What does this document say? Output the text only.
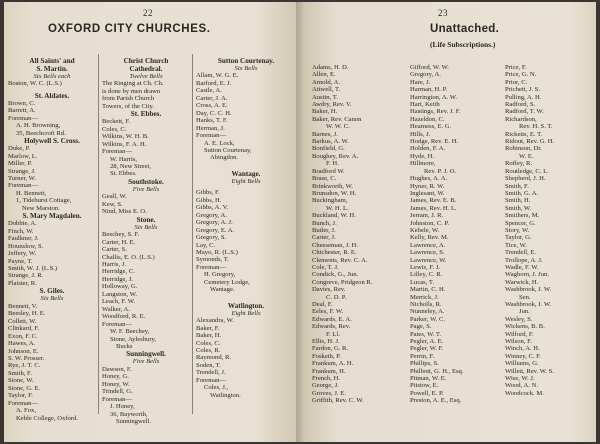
22
OXFORD CITY CHURCHES.
All Saints' and
S. Martin.
Six Bells each
Boston, W. C. (L.S.)
St. Aldates.
Brown, C.
Barrett, A.
Foreman—
A. H. Browning,
35, Beechcroft Rd.
Holywell S. Cross.
Duke, P.
Marlow, L.
Miller, P.
Strange, J.
Turner, W.
Foreman—
H. Bennett,
1, Tidehurst Cottage,
New Marston.
S. Mary Magdalen.
Dobbie, A.
Finch, W.
Faulkner, J.
Hounslow, S.
Jeffery, W.
Payne, T.
Smith, W. J. (L.S.)
Strange, J. R.
Plaister, R.
S. Giles.
Six Bells
Bennett, V.
Beesley, H. E.
Collett, W.
Clinkard, F.
Exon, F. C.
Hawes, A.
Johnson, E.
S. W. Prosser.
Rye, J. T. C.
Smith, F.
Stone, W.
Stone, G. E.
Taylor, F.
Foreman—
A. Fox,
Keble College, Oxford.
Christ Church
Cathedral.
Twelve Bells
The Ringing at Ch. Ch.
is done by men drawn
from Parish Church
Towers, of the City.
St. Ebbes.
Beckett, F.
Coles, C.
Wilkins, W. H. B.
Wilkins, F. A. H.
Foreman—
W. Harris,
28, New Street,
St. Ebbes.
Southstoke.
Five Bells
Geall, W.
Kew, S.
Nind, Miss E. O.
Stone.
Six Bells
Beechey, S. F.
Carter, H. E.
Carter, S.
Challis, E. O. (L.S.)
Harris, J.
Herridge, C.
Herridge, J.
Holloway, G.
Langston, W.
Leach, F. W.
Walker, A.
Woodford, R. E.
Foreman—
W. F. Beechey,
Stone, Aylesbury,
Bucks
Sunningwell.
Five Bells
Dawson, F.
Honey, G.
Honey, W.
Trindell, G.
Foreman—
J. Honey,
36, Bayworth,
Sunningwell.
Sutton Courtenay.
Six Bells
Allam, W. G. E.
Barford, E. J.
Castle, A.
Carter, J. A.
Cross, A. E.
Day, C. C. H.
Hanks, T. F.
Herman, J.
Foreman—
A. E. Lock,
Sutton Courtenay,
Abingdon.
Wantage.
Eight Bells
Gibbs, F.
Gibbs, H.
Gibbs, A. V.
Gregory, A.
Gregory, A. J.
Gregory, E. A.
Gregory, S.
Lay, C.
Mayo, R. (L.S.)
Symonds, T.
Foreman—
H. Gregory,
Cemetery Lodge,
Wantage.
Watlington.
Eight Bells
Alexandra, W.
Baker, F.
Baker, H.
Coles, C.
Coles, R.
Raymond, R.
Soden, T.
Trendell, J.
Foreman—
Coles, J.,
Watlington.
23
Unattached.
(Life Subscriptions.)
Adams, H. D.
Allen, E.
Arnold, A.
Attwell, T.
Austin, T.
Awdry, Rev. V.
Baker, H.
Baker, Rev. Canon
W. W. C.
Barnes, J.
Barkus, A. W.
Bonfield, G.
Boughey, Rev. A.
F. H.
Bradford W.
Brase, C.
Brinkworth, W.
Brunsdon, W. H.
Buckingham,
W. H. L.
Buckland, W. H.
Bunch, J.
Butler, J.
Carter, J.
Cheeseman, J. H.
Chichester, R. E.
Clements, Rev. C. A.
Cole, T. J.
Condick, G., Jun.
Congreve, Pridgeon R.
Davies, Rev.
C. D. P.
Deal, F.
Eeles, F. W.
Edwards, E. A.
Edwards, Rev.
F. Ll.
Ellis, H. J.
Fardon, G. R.
Fosketh, P.
Frankum, A. H.
Frankum, H.
French, H.
George, J.
Groves, J. E.
Griffith, Rev. C. W.
Gifford, W. W.
Gregory, A.
Hare, J.
Harman, H. P.
Harrington, A. W.
Hart, Keith
Hastings, Rev. J. F.
Hazeldon, C.
Hearness, E. G.
Hills, J.
Hodge, Rev. E. H.
Holden, F. A.
Hyde, H.
Hillmore,
Rev. P. J. O.
Hughes, A. A.
Hyner, R. W.
Inglesant, W.
James, Rev. E. B.
James, Rev. H. L.
Jerram, J. R.
Johnston, C. P.
Kebele, W.
Kelly, Rev. M.
Lawrence, A.
Lawrence, S.
Lawrence, W.
Lewis, F. J.
Lilley, C. R.
Lucas, T.
Martin, C. H.
Merrick, J.
Nicholls, R.
Nunneley, A.
Parker, W. C.
Page, S.
Pates, W. T.
Pegler, A. E.
Pegler, W. F.
Perrin, F.
Phillips, S.
Philbott, G. H., Esq.
Pitman, W. E.
Pitstow, E.
Powell, E. P.
Preston, A. E., Esq.
Price, F.
Price, G. N.
Prior, C.
Prichett, J. S.
Pulling, A. H.
Radford, S.
Radford, T. W.
Richardson,
Rev. H. S. T.
Ricketts, E. T.
Ridout, Rev. G. H.
Robinson, Dr.
W. E.
Roffey, R.
Routledge, C. L.
Shepherd, J. H.
Smith, F.
Smith, G. A.
Smith, H.
Smith, W.
Smithers, M.
Spencer, G.
Story, W.
Taylor, G.
Tice, W.
Trendell, E.
Trollope, A. J.
Wadle, F. W.
Waghorn, J. Jun.
Warwick, H.
Washbrook, J. W.
Sen.
Washbrook, J. W.
Jun.
Wesley, S.
Wickens, B. B.
Wilford, F.
Wilson, F.
Winch, A. H.
Winney, C. F.
Williams, G.
Willett, Rev. W. S.
Wise, W. J.
Wood, A. N.
Woodcock. M.
